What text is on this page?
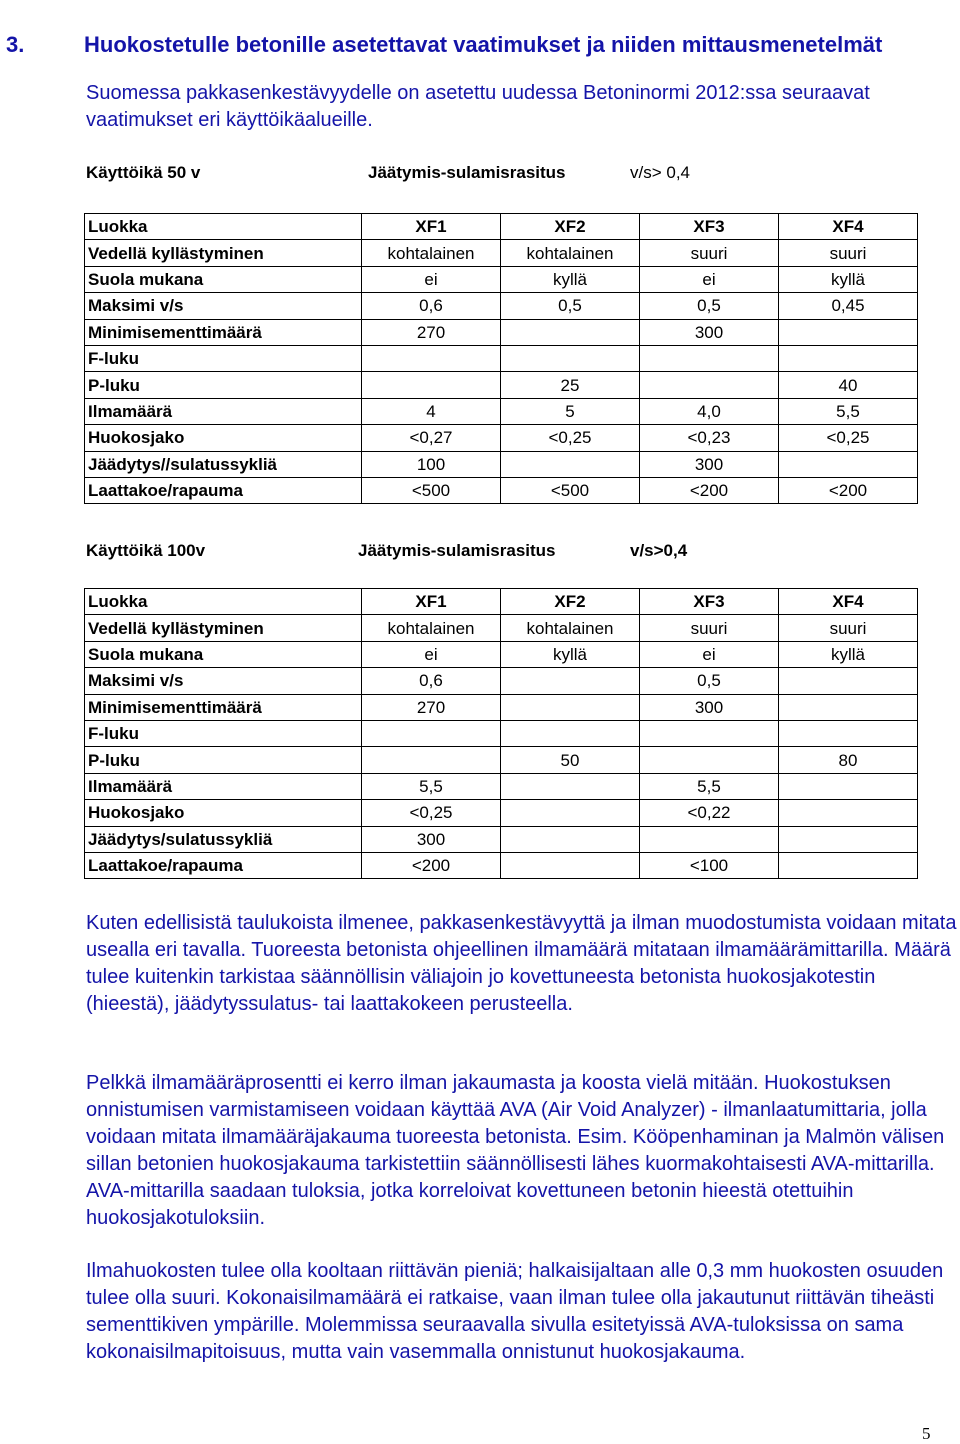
3.	Huokostetulle betonille asetettavat vaatimukset ja niiden mittausmenetelmät
Suomessa pakkasenkestävyydelle on asetettu uudessa Betoninormi 2012:ssa seuraavat vaatimukset eri käyttöikäalueille.
Käyttöikä 50 v	Jäätymis-sulamisrasitus	v/s> 0,4
Luokka	XF1	XF2	XF3	XF4
Vedellä kyllästyminen	kohtalainen	kohtalainen	suuri	suuri
Suola mukana	ei	kyllä	ei	kyllä
Maksimi v/s	0,6	0,5	0,5	0,45
Minimisementtimäärä	270		300	
F-luku				
P-luku		25		40
Ilmamäärä	4	5	4,0	5,5
Huokosjako	<0,27	<0,25	<0,23	<0,25
Jäädytys//sulatussykliä	100		300	
Laattakoe/rapauma	<500	<500	<200	<200
Käyttöikä 100v	Jäätymis-sulamisrasitus	v/s>0,4
Luokka	XF1	XF2	XF3	XF4
Vedellä kyllästyminen	kohtalainen	kohtalainen	suuri	suuri
Suola mukana	ei	kyllä	ei	kyllä
Maksimi v/s	0,6		0,5	
Minimisementtimäärä	270		300	
F-luku				
P-luku		50		80
Ilmamäärä	5,5		5,5	
Huokosjako	<0,25		<0,22	
Jäädytys/sulatussykliä	300			
Laattakoe/rapauma	<200		<100	

Kuten edellisistä taulukoista ilmenee, pakkasenkestävyyttä ja ilman muodostumista voidaan mitata usealla eri tavalla. Tuoreesta betonista ohjeellinen ilmamäärä mitataan ilmamäärämittarilla. Määrä tulee kuitenkin tarkistaa säännöllisin väliajoin jo kovettuneesta betonista huokosjakotestin (hieestä), jäädytyssulatus- tai laattakokeen perusteella.

Pelkkä ilmamääräprosentti ei kerro ilman jakaumasta ja koosta vielä mitään. Huokostuksen onnistumisen varmistamiseen voidaan käyttää AVA (Air Void Analyzer) - ilmanlaatumittaria, jolla voidaan mitata ilmamääräjakauma tuoreesta betonista. Esim. Kööpenhaminan ja Malmön välisen sillan betonien huokosjakauma tarkistettiin säännöllisesti lähes kuormakohtaisesti AVA-mittarilla. AVA-mittarilla saadaan tuloksia, jotka korreloivat kovettuneen betonin hieestä otettuihin huokosjakotuloksiin.

Ilmahuokosten tulee olla kooltaan riittävän pieniä; halkaisijaltaan alle 0,3 mm huokosten osuuden tulee olla suuri. Kokonaisilmamäärä ei ratkaise, vaan ilman tulee olla jakautunut riittävän tiheästi sementtikiven ympärille. Molemmissa seuraavalla sivulla esitetyissä AVA-tuloksissa on sama kokonaisilmapitoisuus, mutta vain vasemmalla onnistunut huokosjakauma.

5
